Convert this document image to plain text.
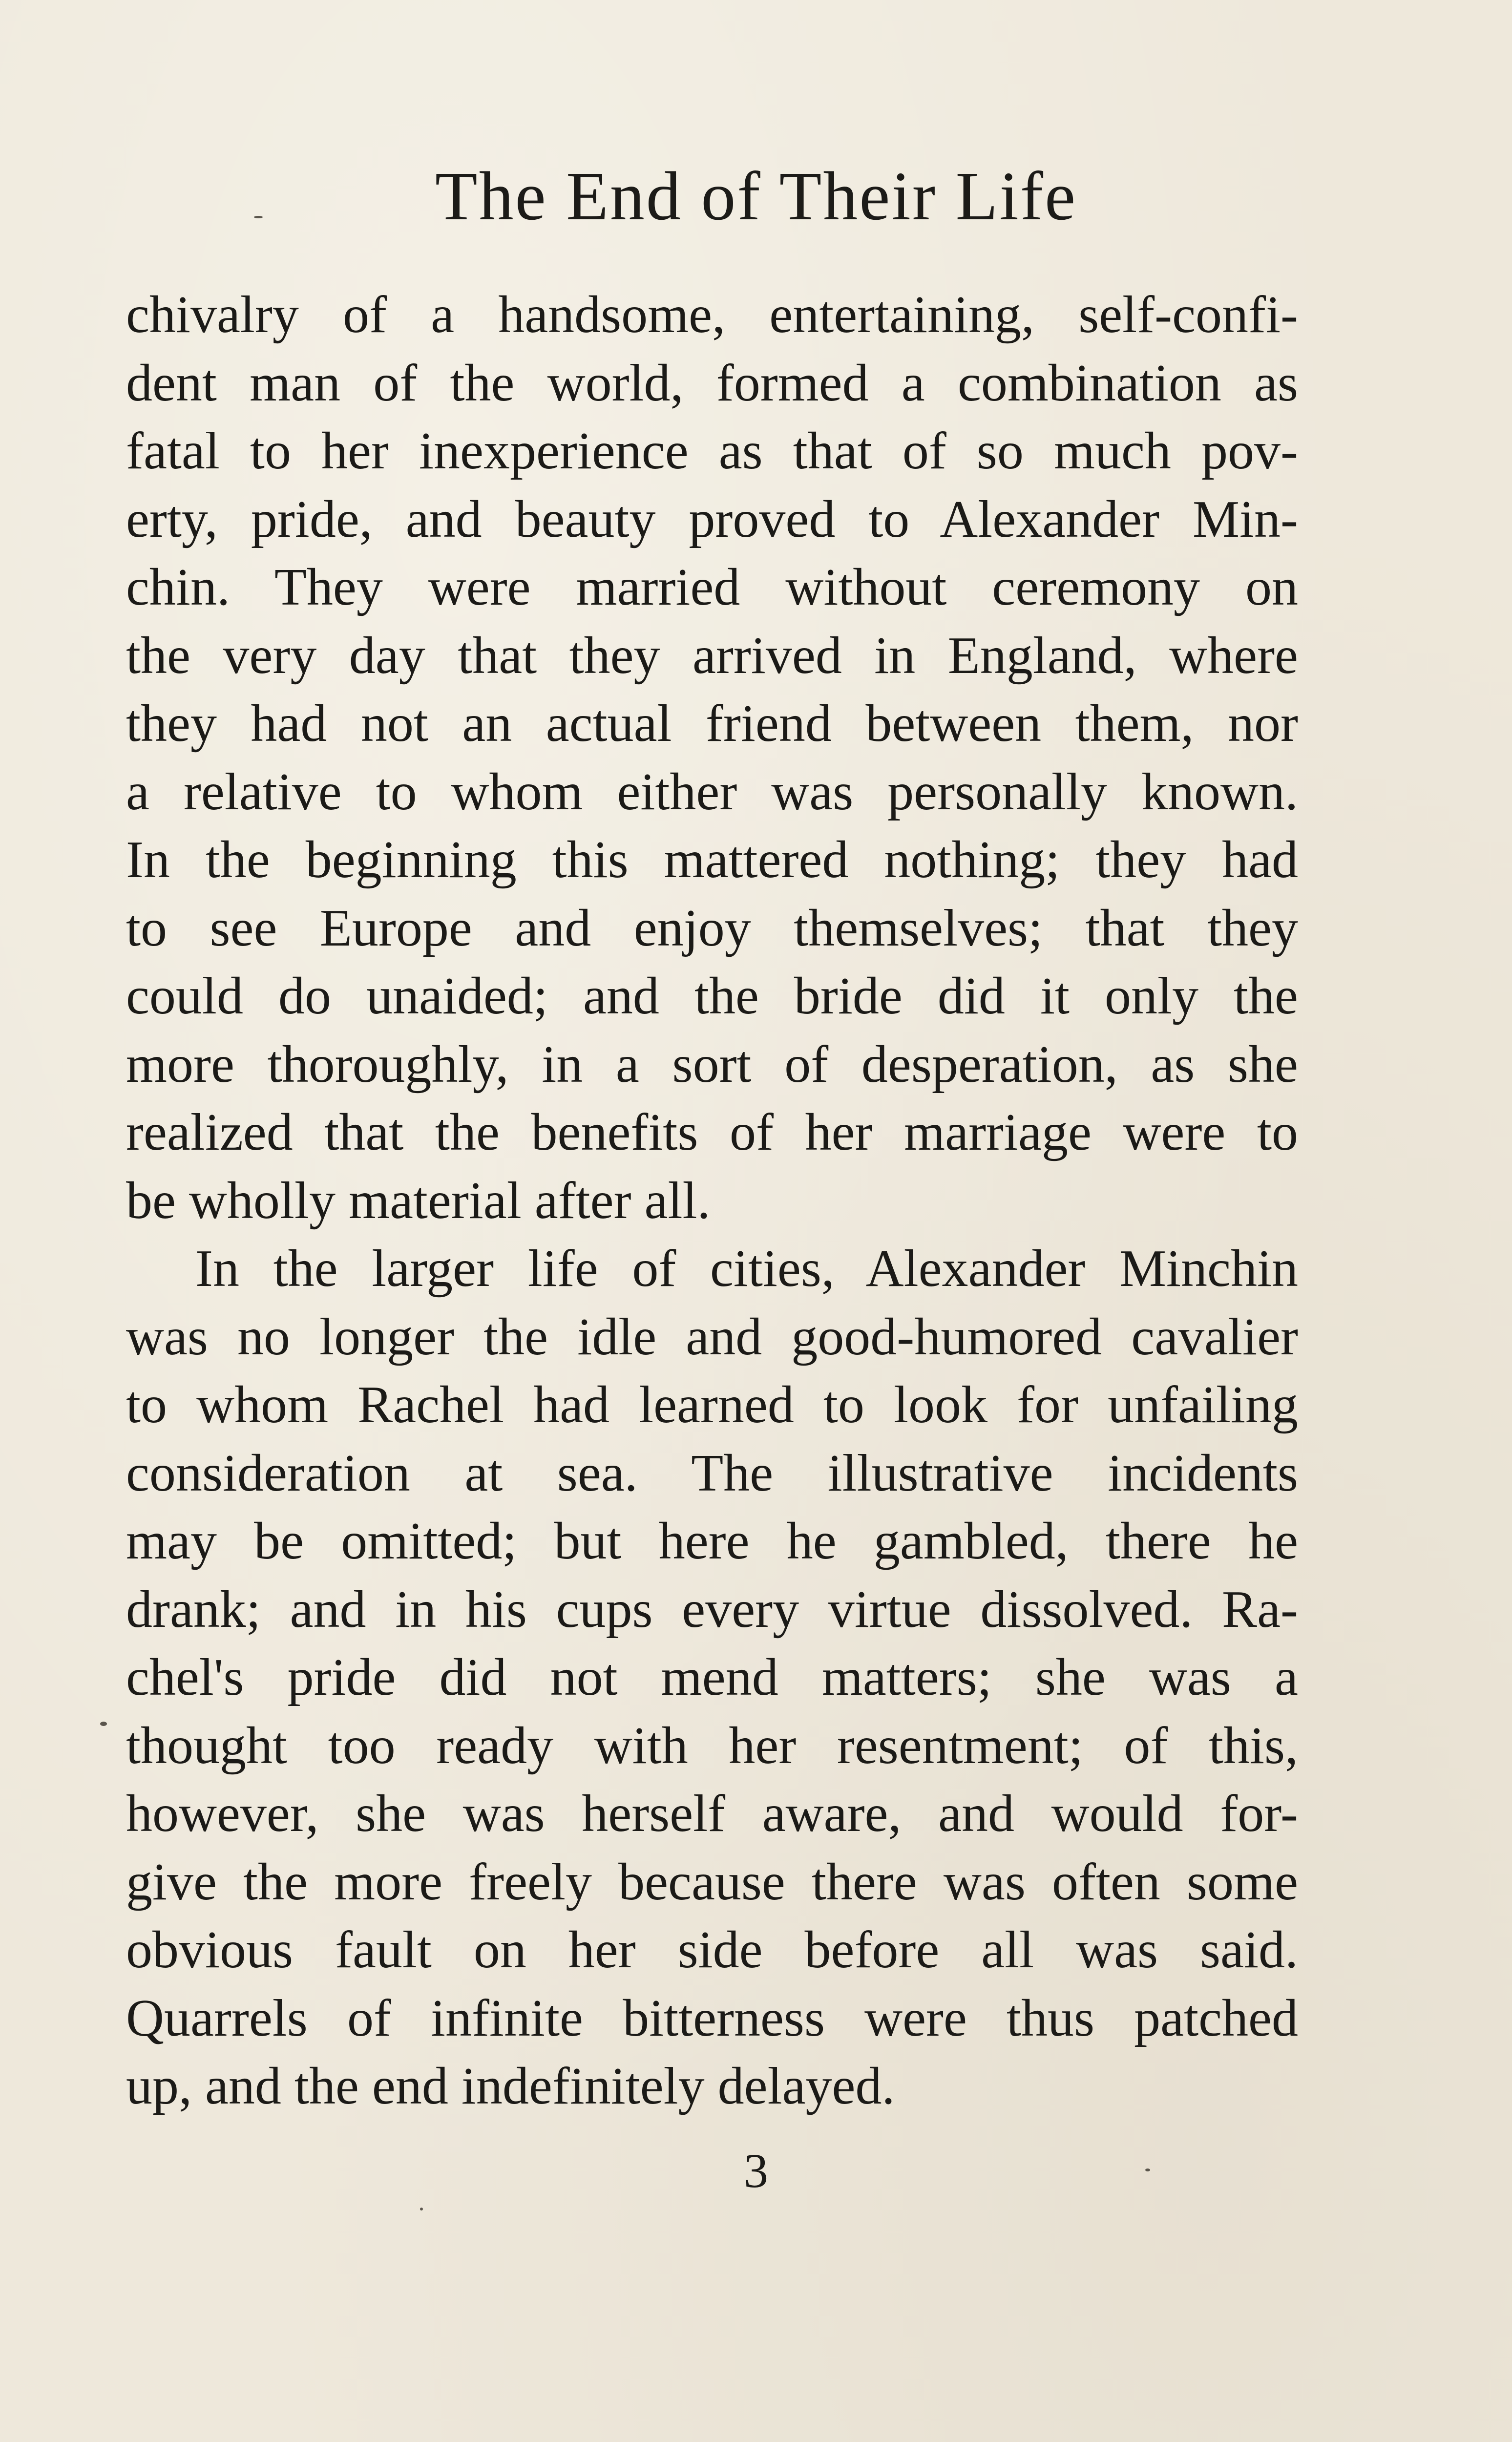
The End of Their Life
chivalry of a handsome, entertaining, self-confi-
dent man of the world, formed a combination as
fatal to her inexperience as that of so much pov-
erty, pride, and beauty proved to Alexander Min-
chin. They were married without ceremony on
the very day that they arrived in England, where
they had not an actual friend between them, nor
a relative to whom either was personally known.
In the beginning this mattered nothing; they had
to see Europe and enjoy themselves; that they
could do unaided; and the bride did it only the
more thoroughly, in a sort of desperation, as she
realized that the benefits of her marriage were to
be wholly material after all.
In the larger life of cities, Alexander Minchin
was no longer the idle and good-humored cavalier
to whom Rachel had learned to look for unfailing
consideration at sea. The illustrative incidents
may be omitted; but here he gambled, there he
drank; and in his cups every virtue dissolved. Ra-
chel's pride did not mend matters; she was a
thought too ready with her resentment; of this,
however, she was herself aware, and would for-
give the more freely because there was often some
obvious fault on her side before all was said.
Quarrels of infinite bitterness were thus patched
up, and the end indefinitely delayed.
3
